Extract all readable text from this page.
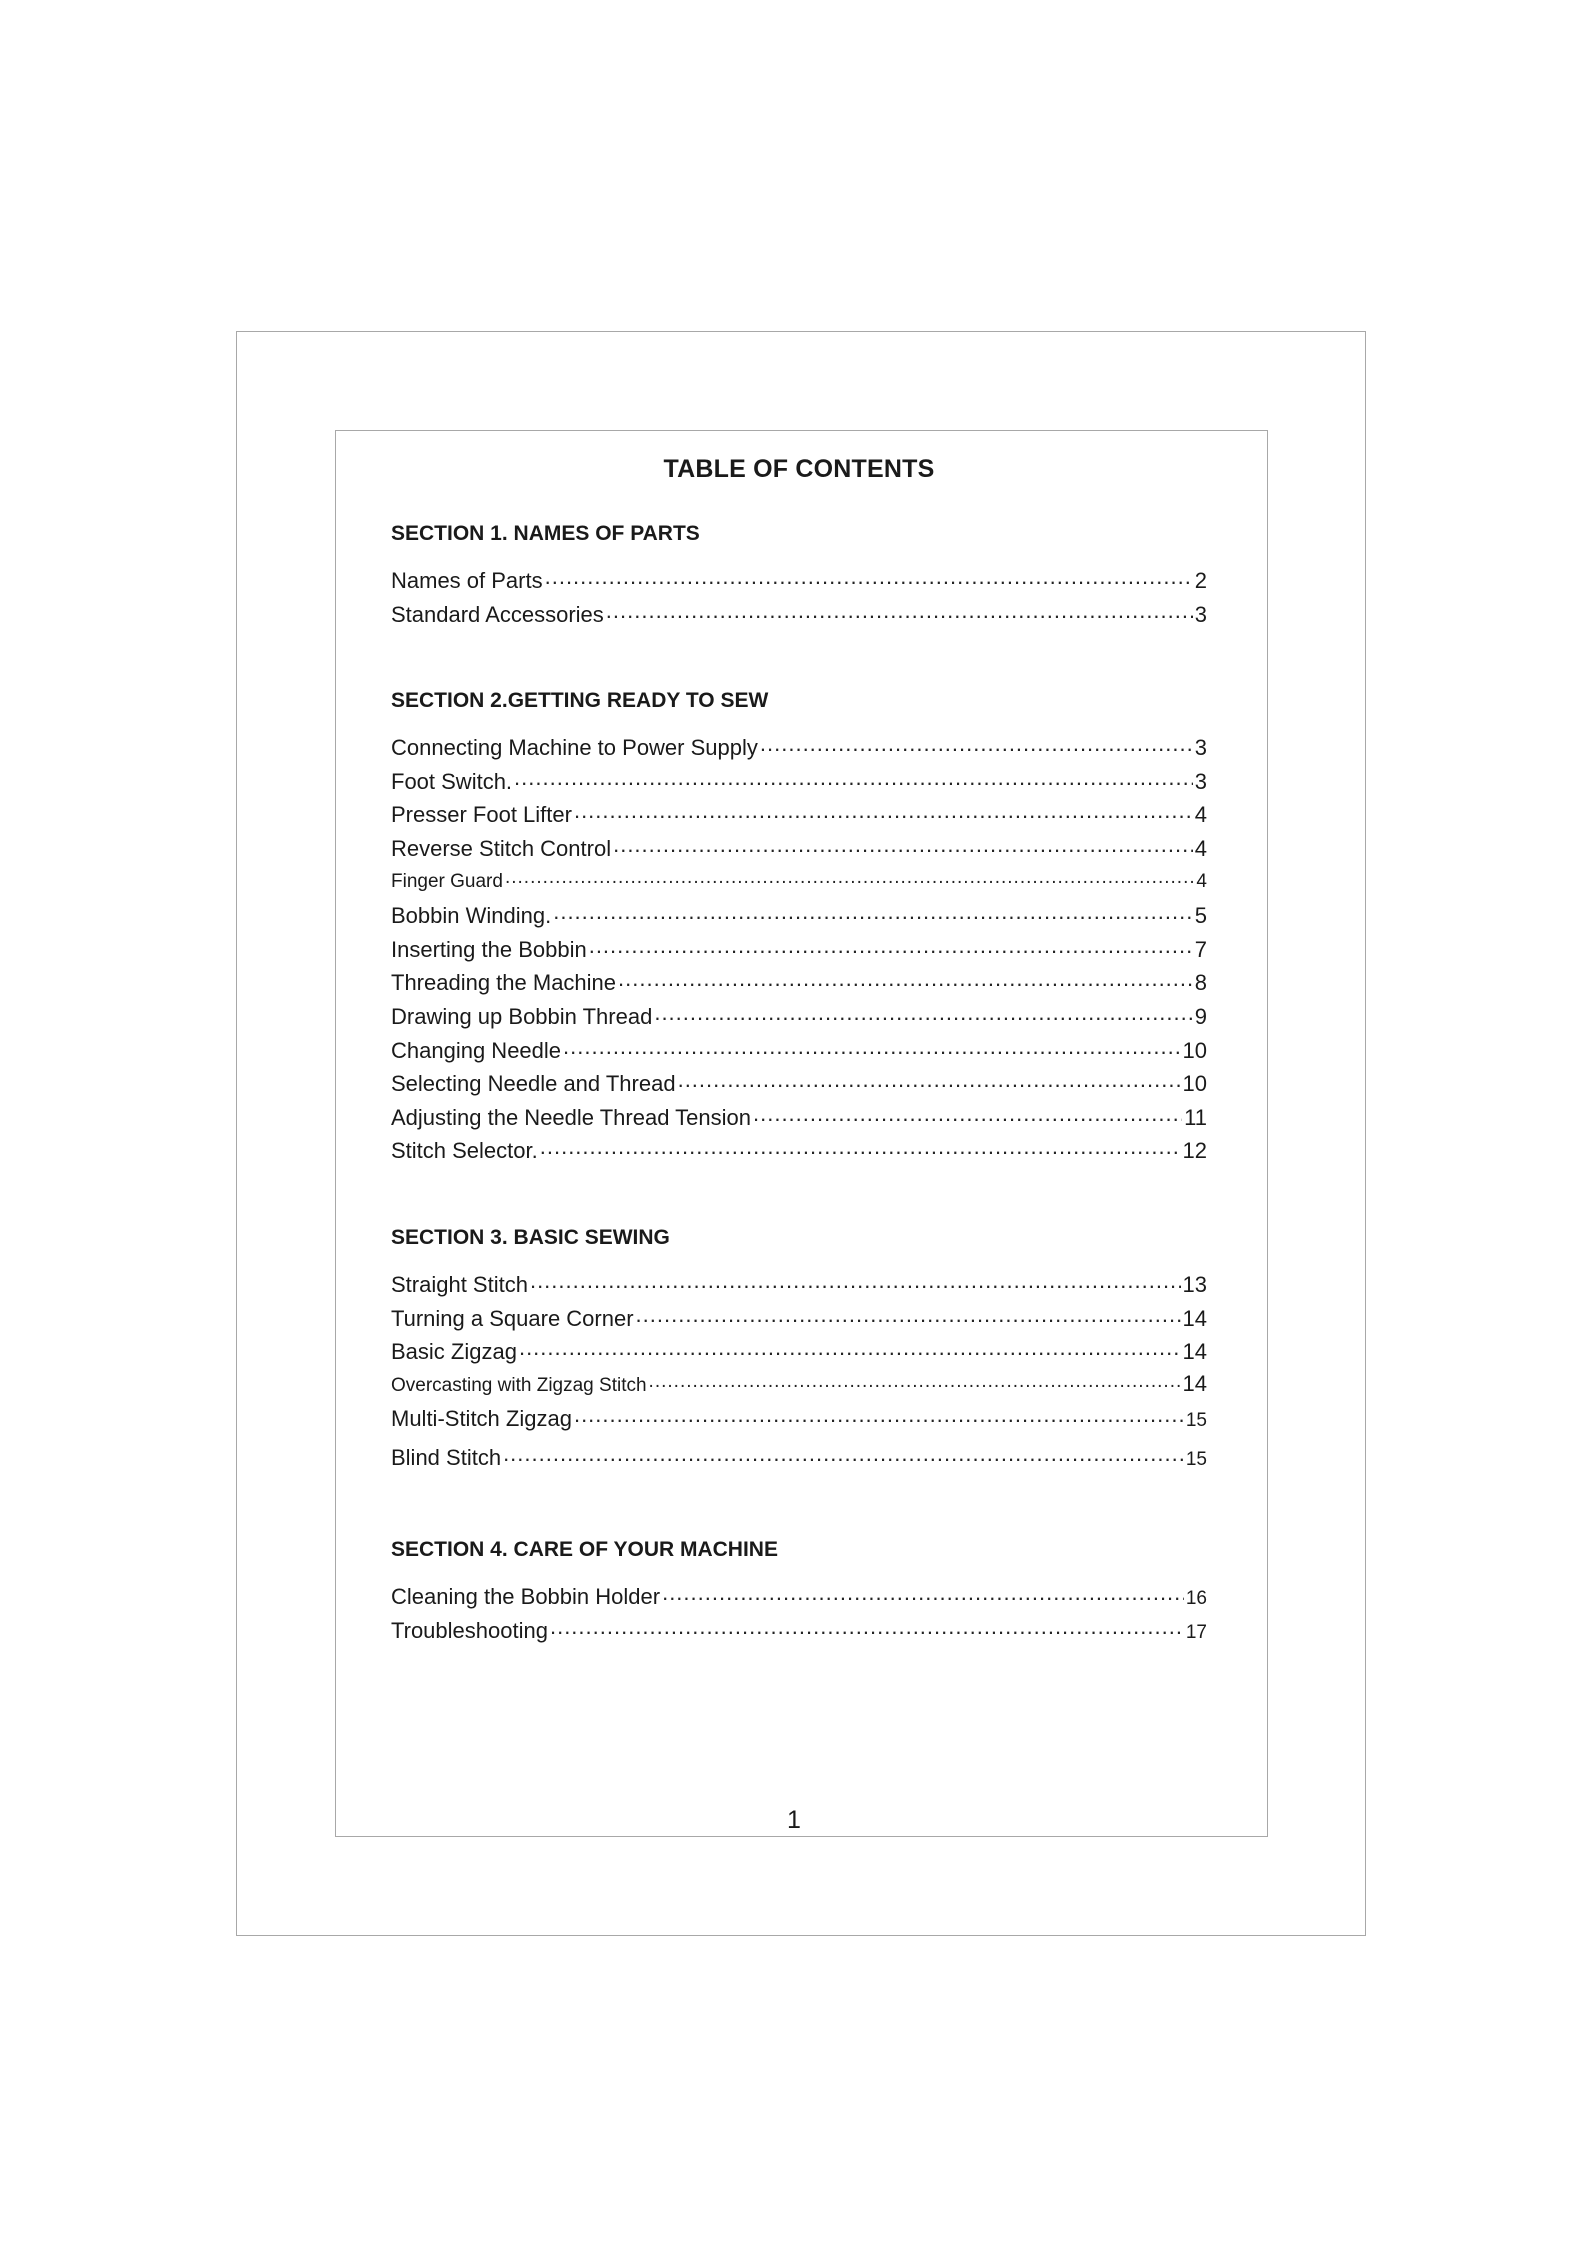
TABLE OF CONTENTS
SECTION 1. NAMES OF PARTS
Names of Parts .....	2
Standard Accessories .....	3
SECTION 2.GETTING READY TO SEW
Connecting Machine to Power Supply .....	3
Foot Switch. .....	3
Presser Foot Lifter .....	4
Reverse Stitch Control .....	4
Finger Guard .....	4
Bobbin Winding. .....	5
Inserting the Bobbin .....	7
Threading the Machine .....	8
Drawing up Bobbin Thread .....	9
Changing Needle .....	10
Selecting Needle and Thread .....	10
Adjusting the Needle Thread Tension .....	11
Stitch Selector. .....	12
SECTION 3. BASIC SEWING
Straight Stitch .....	13
Turning a Square Corner .....	14
Basic Zigzag .....	14
Overcasting with Zigzag Stitch .....	14
Multi-Stitch Zigzag .....	15
Blind Stitch .....	15
SECTION 4. CARE OF YOUR MACHINE
Cleaning the Bobbin Holder .....	16
Troubleshooting .....	17
1
